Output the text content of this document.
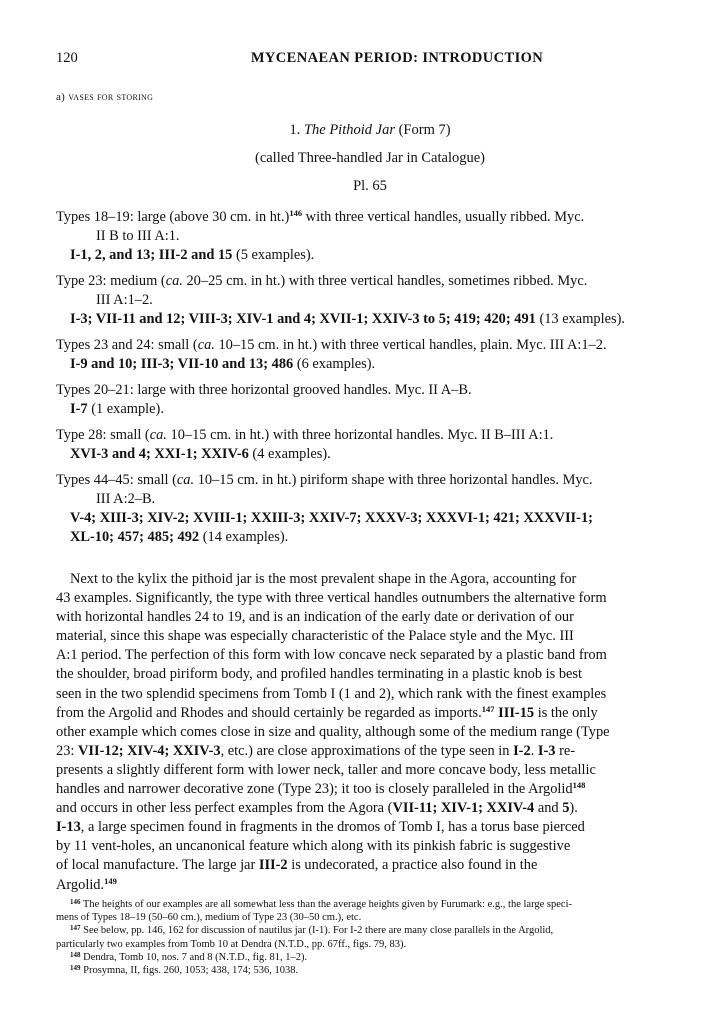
120	MYCENAEAN PERIOD: INTRODUCTION
a) vases for storing
1. The Pithoid Jar (Form 7)
(called Three-handled Jar in Catalogue)
Pl. 65
Types 18–19: large (above 30 cm. in ht.)$^{146}$ with three vertical handles, usually ribbed. Myc.
II B to III A:1.
I-1, 2, and 13; III-2 and 15 (5 examples).
Type 23: medium (ca. 20–25 cm. in ht.) with three vertical handles, sometimes ribbed. Myc.
III A:1–2.
I-3; VII-11 and 12; VIII-3; XIV-1 and 4; XVII-1; XXIV-3 to 5; 419; 420; 491 (13 examples).
Types 23 and 24: small (ca. 10–15 cm. in ht.) with three vertical handles, plain. Myc. III A:1–2.
I-9 and 10; III-3; VII-10 and 13; 486 (6 examples).
Types 20–21: large with three horizontal grooved handles. Myc. II A–B.
I-7 (1 example).
Type 28: small (ca. 10–15 cm. in ht.) with three horizontal handles. Myc. II B–III A:1.
XVI-3 and 4; XXI-1; XXIV-6 (4 examples).
Types 44–45: small (ca. 10–15 cm. in ht.) piriform shape with three horizontal handles. Myc.
III A:2–B.
V-4; XIII-3; XIV-2; XVIII-1; XXIII-3; XXIV-7; XXXV-3; XXXVI-1; 421; XXXVII-1;
XL-10; 457; 485; 492 (14 examples).
Next to the kylix the pithoid jar is the most prevalent shape in the Agora, accounting for
43 examples. Significantly, the type with three vertical handles outnumbers the alternative form
with horizontal handles 24 to 19, and is an indication of the early date or derivation of our
material, since this shape was especially characteristic of the Palace style and the Myc. III
A:1 period. The perfection of this form with low concave neck separated by a plastic band from
the shoulder, broad piriform body, and profiled handles terminating in a plastic knob is best
seen in the two splendid specimens from Tomb I (1 and 2), which rank with the finest examples
from the Argolid and Rhodes and should certainly be regarded as imports.$^{147}$ III-15 is the only
other example which comes close in size and quality, although some of the medium range (Type
23: VII-12; XIV-4; XXIV-3, etc.) are close approximations of the type seen in I-2. I-3 re-
presents a slightly different form with lower neck, taller and more concave body, less metallic
handles and narrower decorative zone (Type 23); it too is closely paralleled in the Argolid$^{148}$
and occurs in other less perfect examples from the Agora (VII-11; XIV-1; XXIV-4 and 5).
I-13, a large specimen found in fragments in the dromos of Tomb I, has a torus base pierced
by 11 vent-holes, an uncanonical feature which along with its pinkish fabric is suggestive
of local manufacture. The large jar III-2 is undecorated, a practice also found in the
Argolid.$^{149}$
$^{146}$ The heights of our examples are all somewhat less than the average heights given by Furumark: e.g., the large speci-
mens of Types 18–19 (50–60 cm.), medium of Type 23 (30–50 cm.), etc.
$^{147}$ See below, pp. 146, 162 for discussion of nautilus jar (I-1). For I-2 there are many close parallels in the Argolid,
particularly two examples from Tomb 10 at Dendra (N.T.D., pp. 67ff., figs. 79, 83).
$^{148}$ Dendra, Tomb 10, nos. 7 and 8 (N.T.D., fig. 81, 1–2).
$^{149}$ Prosymna, II, figs. 260, 1053; 438, 174; 536, 1038.
